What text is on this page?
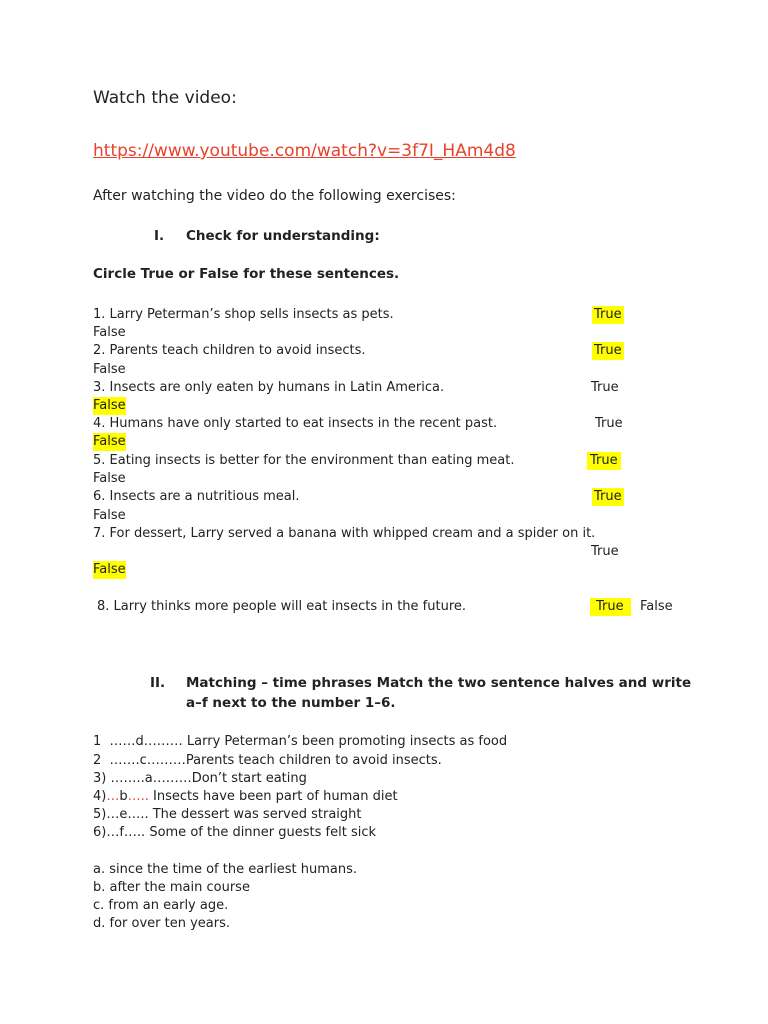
Watch the video:
https://www.youtube.com/watch?v=3f7I_HAm4d8
After watching the video do the following exercises:
I. Check for understanding:
Circle True or False for these sentences.
1. Larry Peterman’s shop sells insects as pets.	True
False
2. Parents teach children to avoid insects.	True
False
3. Insects are only eaten by humans in Latin America.	True
False
4. Humans have only started to eat insects in the recent past.	True
False
5. Eating insects is better for the environment than eating meat.	True
False
6. Insects are a nutritious meal.	True
False
7. For dessert, Larry served a banana with whipped cream and a spider on it.
True
False
8. Larry thinks more people will eat insects in the future.	True	False
II. Matching – time phrases Match the two sentence halves and write
a–f next to the number 1–6.
1 ……d……… Larry Peterman’s been promoting insects as food
2 …….c………Parents teach children to avoid insects.
3) ……..a………Don’t start eating
4)…b….. Insects have been part of human diet
5)…e….. The dessert was served straight
6)…f….. Some of the dinner guests felt sick
a. since the time of the earliest humans.
b. after the main course
c. from an early age.
d. for over ten years.
